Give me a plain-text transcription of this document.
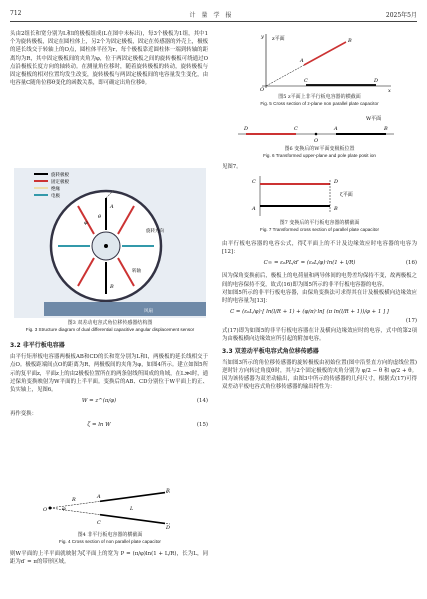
712	计量学报	2025年5月

头由2组长和宽分别为L和l的极板组成(L在图中未标出)，每3个极板为1组，其中1个为旋转极板，固定在圆柱体上，另2个为固定极板，固定在传感器的外壳上，极板的延长线交于转轴上的O点，圆柱体半径为r，每个极板靠近圆柱体一端到转轴的距离均为R，其中固定极板间的夹角为φ，位于两固定极板之间的旋转极板可绕通过O点沿极板长度方向的轴转动。在测量角位移时，随着旋转极板的转动，旋转极板与固定极板的相对位置均发生改变，旋转极板与两固定极板间的电容量发生变化，由电容量C随角位移θ变化的函数关系，即可确定出角位移θ。

旋转极板
固定极板
绝缘
电极
旋转方向
转轴
A
B
θ
φ
风扇
图3 双差动电容式角位移传感器结构图
Fig. 3 Structure diagram of dual differential capacitive angular displacement sensor
3.2 非平行板电容器

由平行矩形板电容器两极板AB和CD的长和宽分别为L和l，两极板的延长线相交于点O。极板距端间点O的距离为R，两极板间的夹角为φ，如图4所示。建立如图5所示的复平面z，平面z上的由2极板位置所在的两条射线所围成的角域，在L≫l时，通过保角变换映射为W平面的上半平面。变换后的AB、CD分别位于W平面上的正、负实轴上，见图6。

W = z^(π/φ)	(14)

再作变换：

ζ = ln W	(15)
O
A
B
C
D
R
φ	L
图4 非平行板电容器的横截面
Fig. 4 Cross section of non parallel plate capacitor

则W平面的上半平面就映射为ζ平面上的宽为 P = (π/φ)ln(1 + L/R)，长为L，同距为d′ = π的带形区域。

y
x
O
z平面
A
B
C	D
图5 z平面上非平行板电容器的横截面
Fig. 5 Cross section of z-plane non parallel plate capacitor
D	C
O
A	B
W平面
图6 变换后的W平面变极板位置
Fig. 6 Transformed upper-plane and pole plate posit ion

见图7。

C	D
A	B
ζ平面
图7 变换后的平行板电容器的横截面
Fig. 7 Transformed cross section of parallel plate capacitor

由平行板电容器的电容公式，得ζ平面上的不计及边缘效应时电容器的电容为[12]：

C∞ = ε₀PL/d′ = (ε₀L/φ)·ln(1 + l/R)	(16)

因为保角变换前后，极板上的电荷量和两导体间的电势差均保持不变，故两极板之间的电容保持不变，故式(16)即为图5所示的非平行板电容器的电容。

对如图5所示的非平行板电容器，由保角变换法可求得其在计及极板横向边缘效应时的电容量为[13]：

C = (ε₀L/φ)·[ ln(l/R + 1) + (φ/π)·ln[ (π ln(l/R + 1))/φ + 1 ] ]
(17)

式(17)即为如图5的非平行板电容器在计及横向边缘效应时的电容，式中的第2项为由极板横向边缘效应所引起的附加电容。

3.3 双差动平板电容式角位移传感器

当如图3所示的角位移传感器的旋转极板由初始位置(图中沿竖直方向的虚线位置)逆时针方向转过角度θ时，其与2个固定极板的夹角分别为 φ/2 − θ 和 φ/2 + θ。因为该传感器为双差动输出，由图3中所示的传感器的几何尺寸，根据式(17)可得双差动平板电容式角位移传感器的输出特性为：
